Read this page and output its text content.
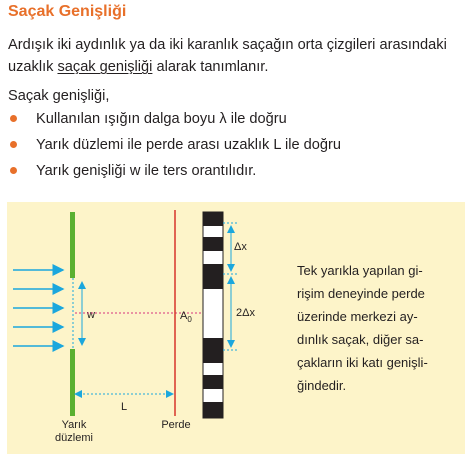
Saçak Genişliği
Ardışık iki aydınlık ya da iki karanlık saçağın orta çizgileri arasındaki
uzaklık saçak genişliği alarak tanımlanır.
Saçak genişliği,
Kullanılan ışığın dalga boyu λ ile doğru
Yarık düzlemi ile perde arası uzaklık L ile doğru
Yarık genişliği w ile ters orantılıdır.
w	$A_0$
Δx
2Δx
L
Yarık
düzlemi
Perde
Tek yarıkla yapılan gi-
rişim deneyinde perde
üzerinde merkezi ay-
dınlık saçak, diğer sa-
çakların iki katı genişli-
ğindedir.
